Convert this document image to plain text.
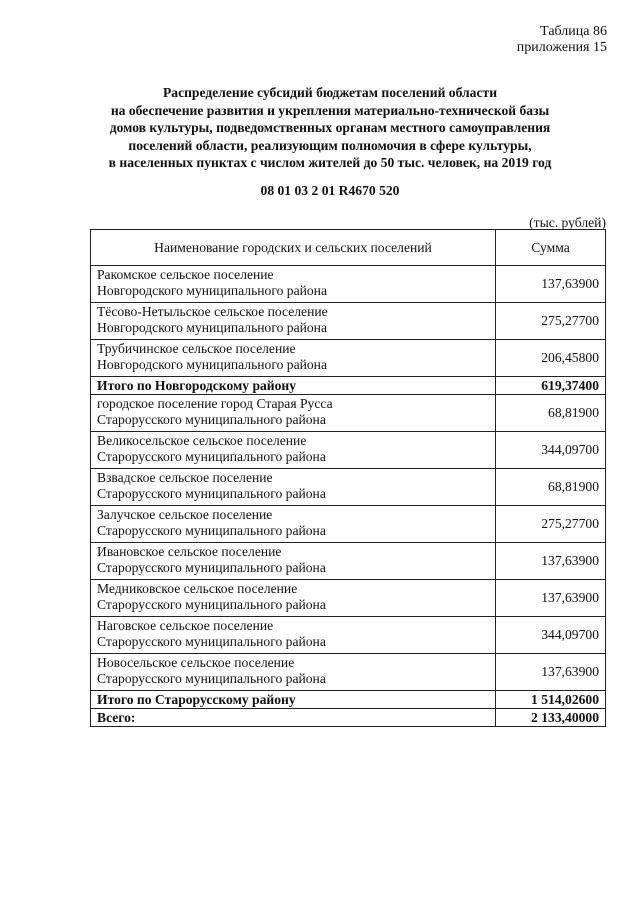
Таблица 86
приложения 15
Распределение субсидий бюджетам поселений области
на обеспечение развития и укрепления материально-технической базы
домов культуры, подведомственных органам местного самоуправления
поселений области, реализующим полномочия в сфере культуры,
в населенных пунктах с числом жителей до 50 тыс. человек, на 2019 год
08 01 03 2 01 R4670 520
(тыс. рублей)
Наименование городских и сельских поселений	Сумма

Ракомское сельское поселение
Новгородского муниципального района	137,63900

Тёсово-Нетыльское сельское поселение
Новгородского муниципального района	275,27700

Трубичинское сельское поселение
Новгородского муниципального района	206,45800

Итого по Новгородскому району	619,37400

городское поселение город Старая Русса
Старорусского муниципального района	68,81900

Великосельское сельское поселение
Старорусского муниципального района	344,09700

Взвадское сельское поселение
Старорусского муниципального района	68,81900

Залучское сельское поселение
Старорусского муниципального района	275,27700

Ивановское сельское поселение
Старорусского муниципального района	137,63900

Медниковское сельское поселение
Старорусского муниципального района	137,63900

Наговское сельское поселение
Старорусского муниципального района	344,09700

Новосельское сельское поселение
Старорусского муниципального района	137,63900

Итого по Старорусскому району	1 514,02600

Всего:	2 133,40000
